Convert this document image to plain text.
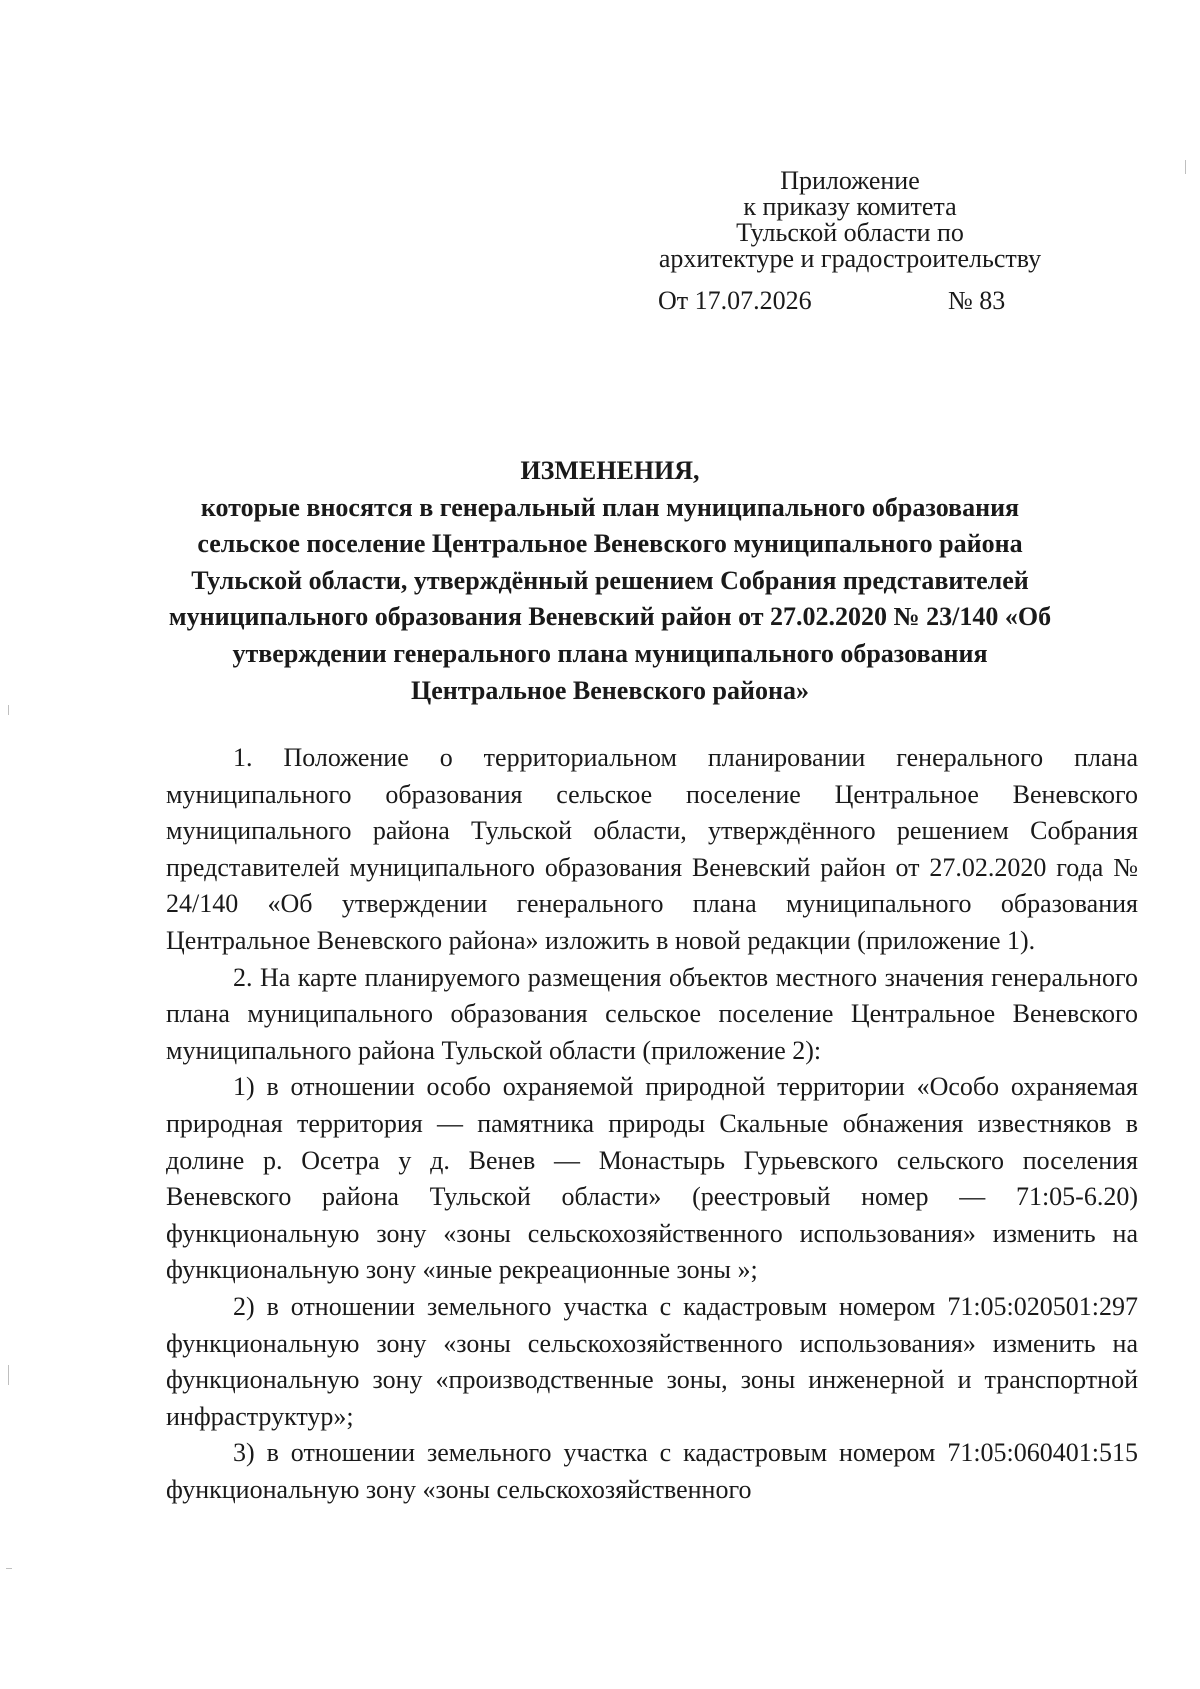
Приложение
к приказу комитета
Тульской области по
архитектуре и градостроительству
От 17.07.2026	№ 83
ИЗМЕНЕНИЯ,
которые вносятся в генеральный план муниципального образования сельское поселение Центральное Веневского муниципального района Тульской области, утверждённый решением Собрания представителей муниципального образования Веневский район от 27.02.2020 № 23/140 «Об утверждении генерального плана муниципального образования Центральное Веневского района»

1. Положение о территориальном планировании генерального плана муниципального образования сельское поселение Центральное Веневского муниципального района Тульской области, утверждённого решением Собрания представителей муниципального образования Веневский район от 27.02.2020 года № 24/140 «Об утверждении генерального плана муниципального образования Центральное Веневского района» изложить в новой редакции (приложение 1).

2. На карте планируемого размещения объектов местного значения генерального плана муниципального образования сельское поселение Центральное Веневского муниципального района Тульской области (приложение 2):

1) в отношении особо охраняемой природной территории «Особо охраняемая природная территория — памятника природы Скальные обнажения известняков в долине р. Осетра у д. Венев — Монастырь Гурьевского сельского поселения Веневского района Тульской области» (реестровый номер — 71:05-6.20) функциональную зону «зоны сельскохозяйственного использования» изменить на функциональную зону «иные рекреационные зоны »;

2) в отношении земельного участка с кадастровым номером 71:05:020501:297 функциональную зону «зоны сельскохозяйственного использования» изменить на функциональную зону «производственные зоны, зоны инженерной и транспортной инфраструктур»;

3) в отношении земельного участка с кадастровым номером 71:05:060401:515 функциональную зону «зоны сельскохозяйственного
